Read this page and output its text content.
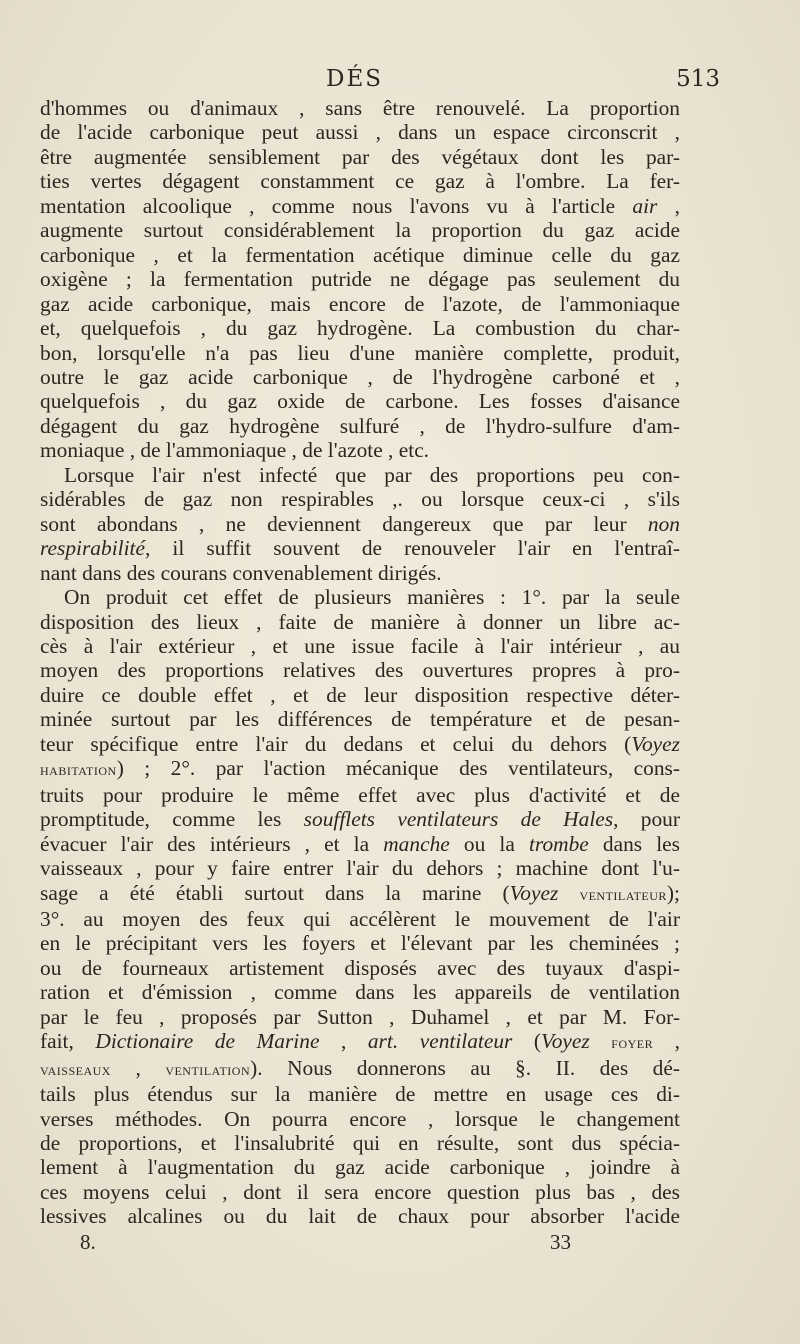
DÉS	513

d'hommes ou d'animaux , sans être renouvelé. La proportion
de l'acide carbonique peut aussi , dans un espace circonscrit ,
être augmentée sensiblement par des végétaux dont les par-
ties vertes dégagent constamment ce gaz à l'ombre. La fer-
mentation alcoolique , comme nous l'avons vu à l'article air ,
augmente surtout considérablement la proportion du gaz acide
carbonique , et la fermentation acétique diminue celle du gaz
oxigène ; la fermentation putride ne dégage pas seulement du
gaz acide carbonique, mais encore de l'azote, de l'ammoniaque
et, quelquefois , du gaz hydrogène. La combustion du char-
bon, lorsqu'elle n'a pas lieu d'une manière complette, produit,
outre le gaz acide carbonique , de l'hydrogène carboné et ,
quelquefois , du gaz oxide de carbone. Les fosses d'aisance
dégagent du gaz hydrogène sulfuré , de l'hydro-sulfure d'am-
moniaque , de l'ammoniaque , de l'azote , etc.

Lorsque l'air n'est infecté que par des proportions peu con-
sidérables de gaz non respirables ,. ou lorsque ceux-ci , s'ils
sont abondans , ne deviennent dangereux que par leur non
respirabilité, il suffit souvent de renouveler l'air en l'entraî-
nant dans des courans convenablement dirigés.

On produit cet effet de plusieurs manières : 1°. par la seule
disposition des lieux , faite de manière à donner un libre ac-
cès à l'air extérieur , et une issue facile à l'air intérieur , au
moyen des proportions relatives des ouvertures propres à pro-
duire ce double effet , et de leur disposition respective déter-
minée surtout par les différences de température et de pesan-
teur spécifique entre l'air du dedans et celui du dehors (Voyez
habitation) ; 2°. par l'action mécanique des ventilateurs, cons-
truits pour produire le même effet avec plus d'activité et de
promptitude, comme les soufflets ventilateurs de Hales, pour
évacuer l'air des intérieurs , et la manche ou la trombe dans les
vaisseaux , pour y faire entrer l'air du dehors ; machine dont l'u-
sage a été établi surtout dans la marine (Voyez ventilateur);
3°. au moyen des feux qui accélèrent le mouvement de l'air
en le précipitant vers les foyers et l'élevant par les cheminées ;
ou de fourneaux artistement disposés avec des tuyaux d'aspi-
ration et d'émission , comme dans les appareils de ventilation
par le feu , proposés par Sutton , Duhamel , et par M. For-
fait, Dictionaire de Marine , art. ventilateur (Voyez foyer ,
vaisseaux , ventilation). Nous donnerons au §. II. des dé-
tails plus étendus sur la manière de mettre en usage ces di-
verses méthodes. On pourra encore , lorsque le changement
de proportions, et l'insalubrité qui en résulte, sont dus spécia-
lement à l'augmentation du gaz acide carbonique , joindre à
ces moyens celui , dont il sera encore question plus bas , des
lessives alcalines ou du lait de chaux pour absorber l'acide

8.	33
